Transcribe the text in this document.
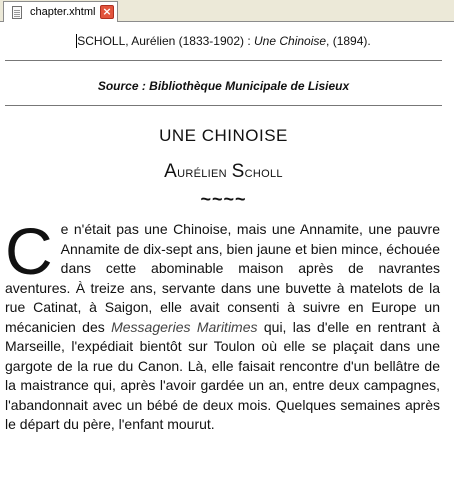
chapter.xhtml ×
SCHOLL, Aurélien (1833-1902) : Une Chinoise, (1894).
Source : Bibliothèque Municipale de Lisieux
UNE CHINOISE
Aurélien Scholl
~~~~
Ce n'était pas une Chinoise, mais une Annamite, une pauvre Annamite de dix-sept ans, bien jaune et bien mince, échouée dans cette abominable maison après de navrantes aventures. À treize ans, servante dans une buvette à matelots de la rue Catinat, à Saigon, elle avait consenti à suivre en Europe un mécanicien des Messageries Maritimes qui, las d'elle en rentrant à Marseille, l'expédiait bientôt sur Toulon où elle se plaçait dans une gargote de la rue du Canon. Là, elle faisait rencontre d'un bellâtre de la maistrance qui, après l'avoir gardée un an, entre deux campagnes, l'abandonnait avec un bébé de deux mois. Quelques semaines après le départ du père, l'enfant mourut.
